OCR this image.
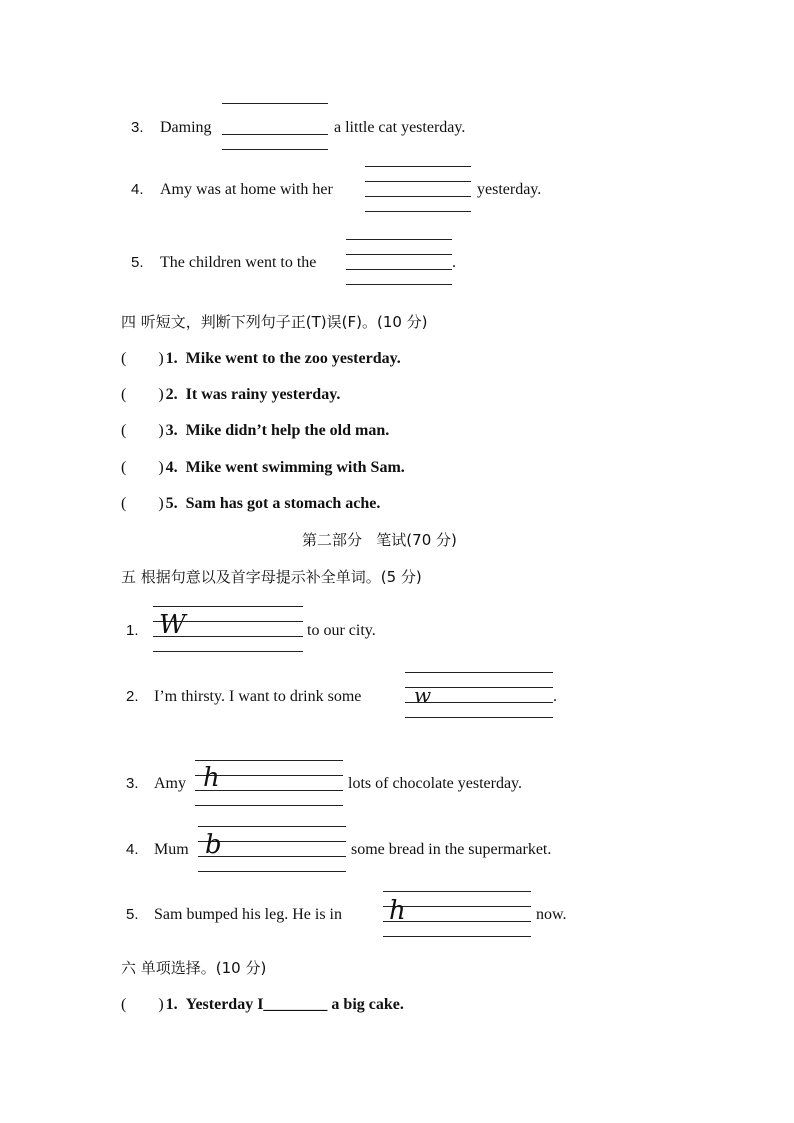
3. Daming	a little cat yesterday.
4. Amy was at home with her	yesterday.
5. The children went to the	.
四 听短文，判断下列句子正(T)误(F)。(10 分)
(        ) 1. Mike went to the zoo yesterday.
(        ) 2. It was rainy yesterday.
(        ) 3. Mike didn’t help the old man.
(        ) 4. Mike went swimming with Sam.
(        ) 5. Sam has got a stomach ache.
第二部分   笔试(70 分)
五 根据句意以及首字母提示补全单词。(5 分)
1. W	to our city.
2. I’m thirsty. I want to drink some	w	.
3. Amy h	lots of chocolate yesterday.
4. Mum b	some bread in the supermarket.
5. Sam bumped his leg. He is in h	now.
六 单项选择。(10 分)
(        ) 1. Yesterday I________ a big cake.
